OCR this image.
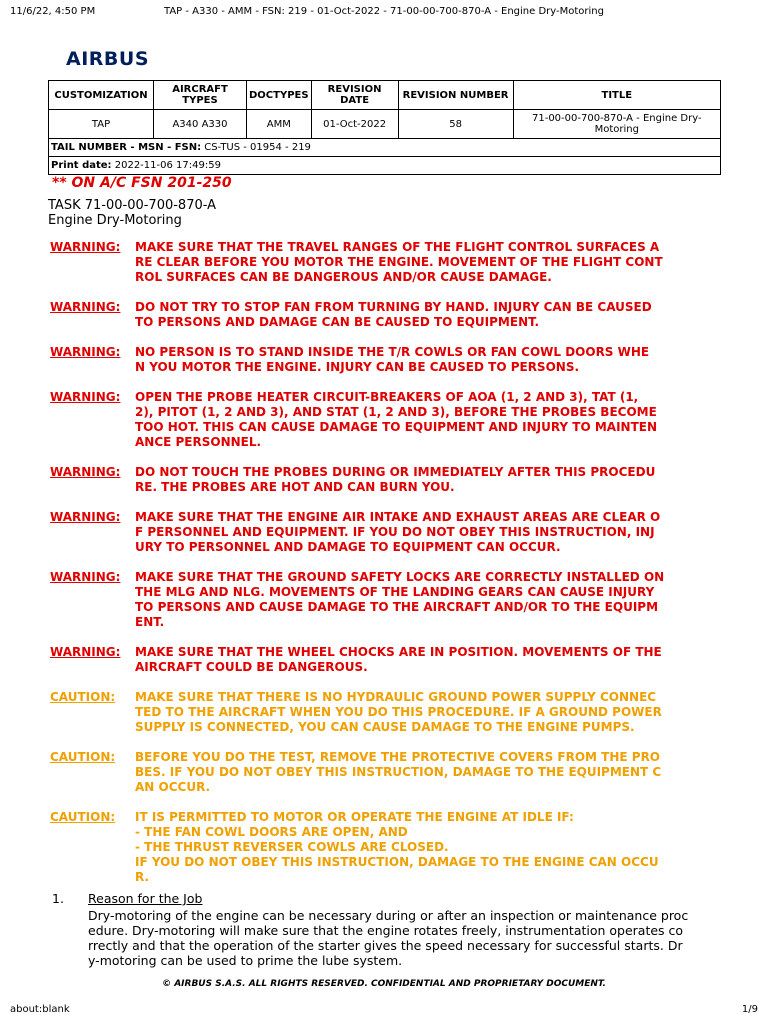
11/6/22, 4:50 PM	TAP - A330 - AMM - FSN: 219 - 01-Oct-2022 - 71-00-00-700-870-A - Engine Dry-Motoring
AIRBUS
CUSTOMIZATION	AIRCRAFT TYPES	DOCTYPES	REVISION DATE	REVISION NUMBER	TITLE
TAP	A340 A330	AMM	01-Oct-2022	58	71-00-00-700-870-A - Engine Dry-Motoring
TAIL NUMBER - MSN - FSN: CS-TUS - 01954 - 219					
Print date: 2022-11-06 17:49:59					
** ON A/C FSN 201-250
TASK 71-00-00-700-870-A
Engine Dry-Motoring
WARNING: MAKE SURE THAT THE TRAVEL RANGES OF THE FLIGHT CONTROL SURFACES A
RE CLEAR BEFORE YOU MOTOR THE ENGINE. MOVEMENT OF THE FLIGHT CONT
ROL SURFACES CAN BE DANGEROUS AND/OR CAUSE DAMAGE.
WARNING: DO NOT TRY TO STOP FAN FROM TURNING BY HAND. INJURY CAN BE CAUSED
TO PERSONS AND DAMAGE CAN BE CAUSED TO EQUIPMENT.
WARNING: NO PERSON IS TO STAND INSIDE THE T/R COWLS OR FAN COWL DOORS WHE
N YOU MOTOR THE ENGINE. INJURY CAN BE CAUSED TO PERSONS.
WARNING: OPEN THE PROBE HEATER CIRCUIT-BREAKERS OF AOA (1, 2 AND 3), TAT (1,
2), PITOT (1, 2 AND 3), AND STAT (1, 2 AND 3), BEFORE THE PROBES BECOME
TOO HOT. THIS CAN CAUSE DAMAGE TO EQUIPMENT AND INJURY TO MAINTEN
ANCE PERSONNEL.
WARNING: DO NOT TOUCH THE PROBES DURING OR IMMEDIATELY AFTER THIS PROCEDU
RE. THE PROBES ARE HOT AND CAN BURN YOU.
WARNING: MAKE SURE THAT THE ENGINE AIR INTAKE AND EXHAUST AREAS ARE CLEAR O
F PERSONNEL AND EQUIPMENT. IF YOU DO NOT OBEY THIS INSTRUCTION, INJ
URY TO PERSONNEL AND DAMAGE TO EQUIPMENT CAN OCCUR.
WARNING: MAKE SURE THAT THE GROUND SAFETY LOCKS ARE CORRECTLY INSTALLED ON
THE MLG AND NLG. MOVEMENTS OF THE LANDING GEARS CAN CAUSE INJURY
TO PERSONS AND CAUSE DAMAGE TO THE AIRCRAFT AND/OR TO THE EQUIPM
ENT.
WARNING: MAKE SURE THAT THE WHEEL CHOCKS ARE IN POSITION. MOVEMENTS OF THE
AIRCRAFT COULD BE DANGEROUS.
CAUTION: MAKE SURE THAT THERE IS NO HYDRAULIC GROUND POWER SUPPLY CONNEC
TED TO THE AIRCRAFT WHEN YOU DO THIS PROCEDURE. IF A GROUND POWER
SUPPLY IS CONNECTED, YOU CAN CAUSE DAMAGE TO THE ENGINE PUMPS.
CAUTION: BEFORE YOU DO THE TEST, REMOVE THE PROTECTIVE COVERS FROM THE PRO
BES. IF YOU DO NOT OBEY THIS INSTRUCTION, DAMAGE TO THE EQUIPMENT C
AN OCCUR.
CAUTION: IT IS PERMITTED TO MOTOR OR OPERATE THE ENGINE AT IDLE IF:
- THE FAN COWL DOORS ARE OPEN, AND
- THE THRUST REVERSER COWLS ARE CLOSED.
IF YOU DO NOT OBEY THIS INSTRUCTION, DAMAGE TO THE ENGINE CAN OCCU
R.
1. Reason for the Job
Dry-motoring of the engine can be necessary during or after an inspection or maintenance proc
edure. Dry-motoring will make sure that the engine rotates freely, instrumentation operates co
rrectly and that the operation of the starter gives the speed necessary for successful starts. Dr
y-motoring can be used to prime the lube system.
© AIRBUS S.A.S. ALL RIGHTS RESERVED. CONFIDENTIAL AND PROPRIETARY DOCUMENT.
about:blank	1/9
